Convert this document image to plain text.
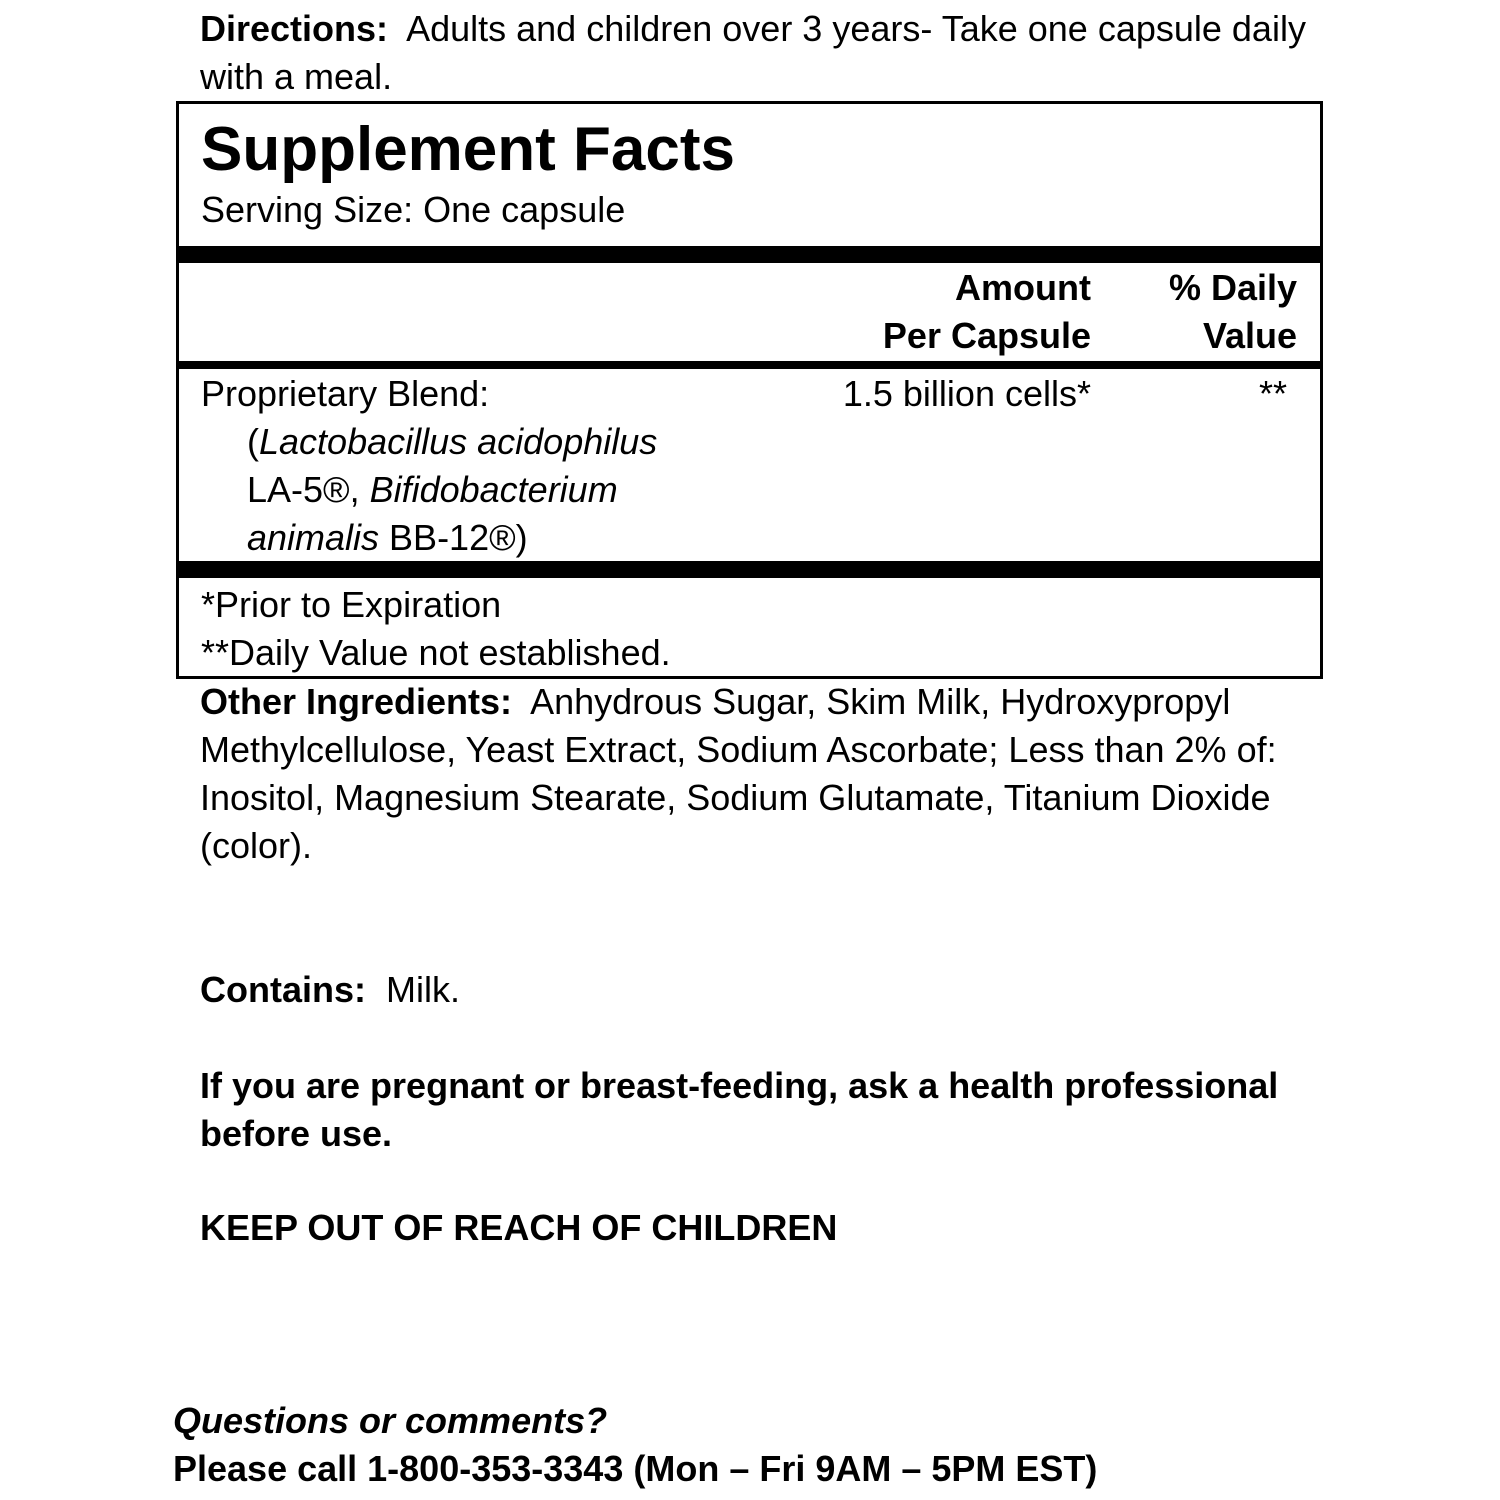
Directions: Adults and children over 3 years- Take one capsule daily with a meal.

Supplement Facts
Serving Size: One capsule
Amount
Per Capsule
% Daily
Value
Proprietary Blend:
(Lactobacillus acidophilus
LA-5®, Bifidobacterium
animalis BB-12®)
1.5 billion cells*	**
*Prior to Expiration
**Daily Value not established.

Other Ingredients: Anhydrous Sugar, Skim Milk, Hydroxypropyl Methylcellulose, Yeast Extract, Sodium Ascorbate; Less than 2% of: Inositol, Magnesium Stearate, Sodium Glutamate, Titanium Dioxide (color).

Contains: Milk.

If you are pregnant or breast-feeding, ask a health professional before use.

KEEP OUT OF REACH OF CHILDREN

Questions or comments?

Please call 1-800-353-3343 (Mon – Fri 9AM – 5PM EST)
